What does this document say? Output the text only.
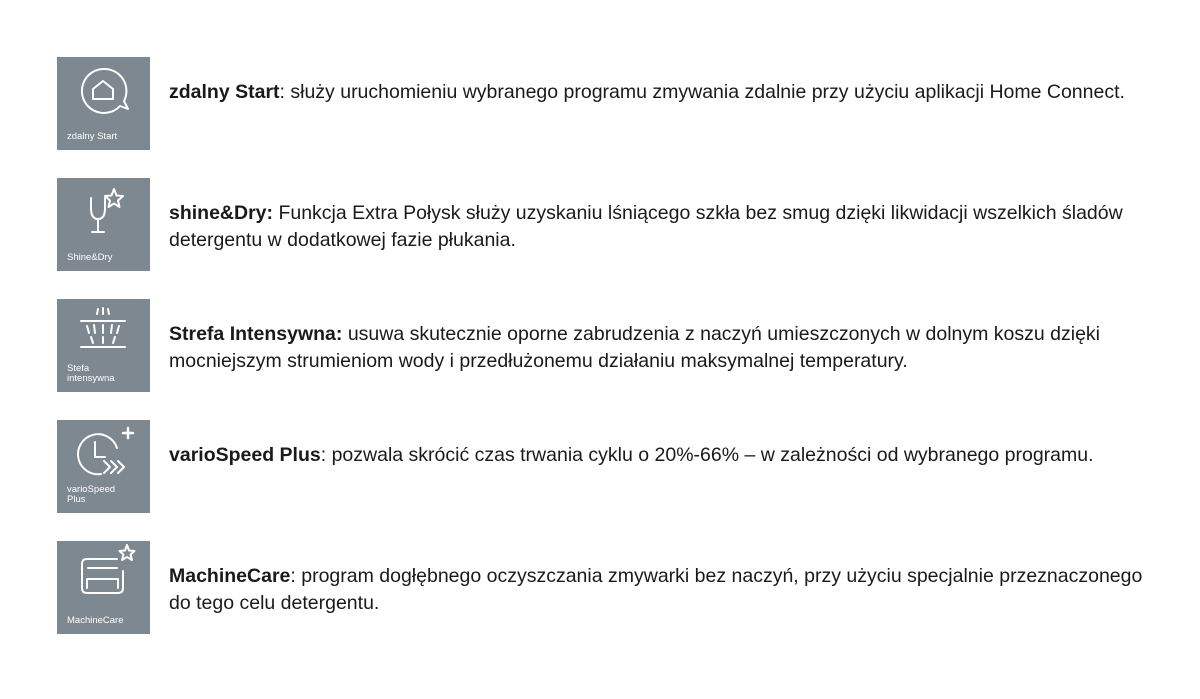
zdalny Start
zdalny Start: służy uruchomieniu wybranego programu zmywania zdalnie przy użyciu aplikacji Home Connect.
Shine&Dry
shine&Dry: Funkcja Extra Połysk służy uzyskaniu lśniącego szkła bez smug dzięki likwidacji wszelkich śladów detergentu w dodatkowej fazie płukania.
Stefa
intensywna
Strefa Intensywna: usuwa skutecznie oporne zabrudzenia z naczyń umieszczonych w dolnym koszu dzięki mocniejszym strumieniom wody i przedłużonemu działaniu maksymalnej temperatury.
varioSpeed
Plus
varioSpeed Plus: pozwala skrócić czas trwania cyklu o 20%-66% – w zależności od wybranego programu.
MachineCare
MachineCare: program dogłębnego oczyszczania zmywarki bez naczyń, przy użyciu specjalnie przeznaczonego do tego celu detergentu.
